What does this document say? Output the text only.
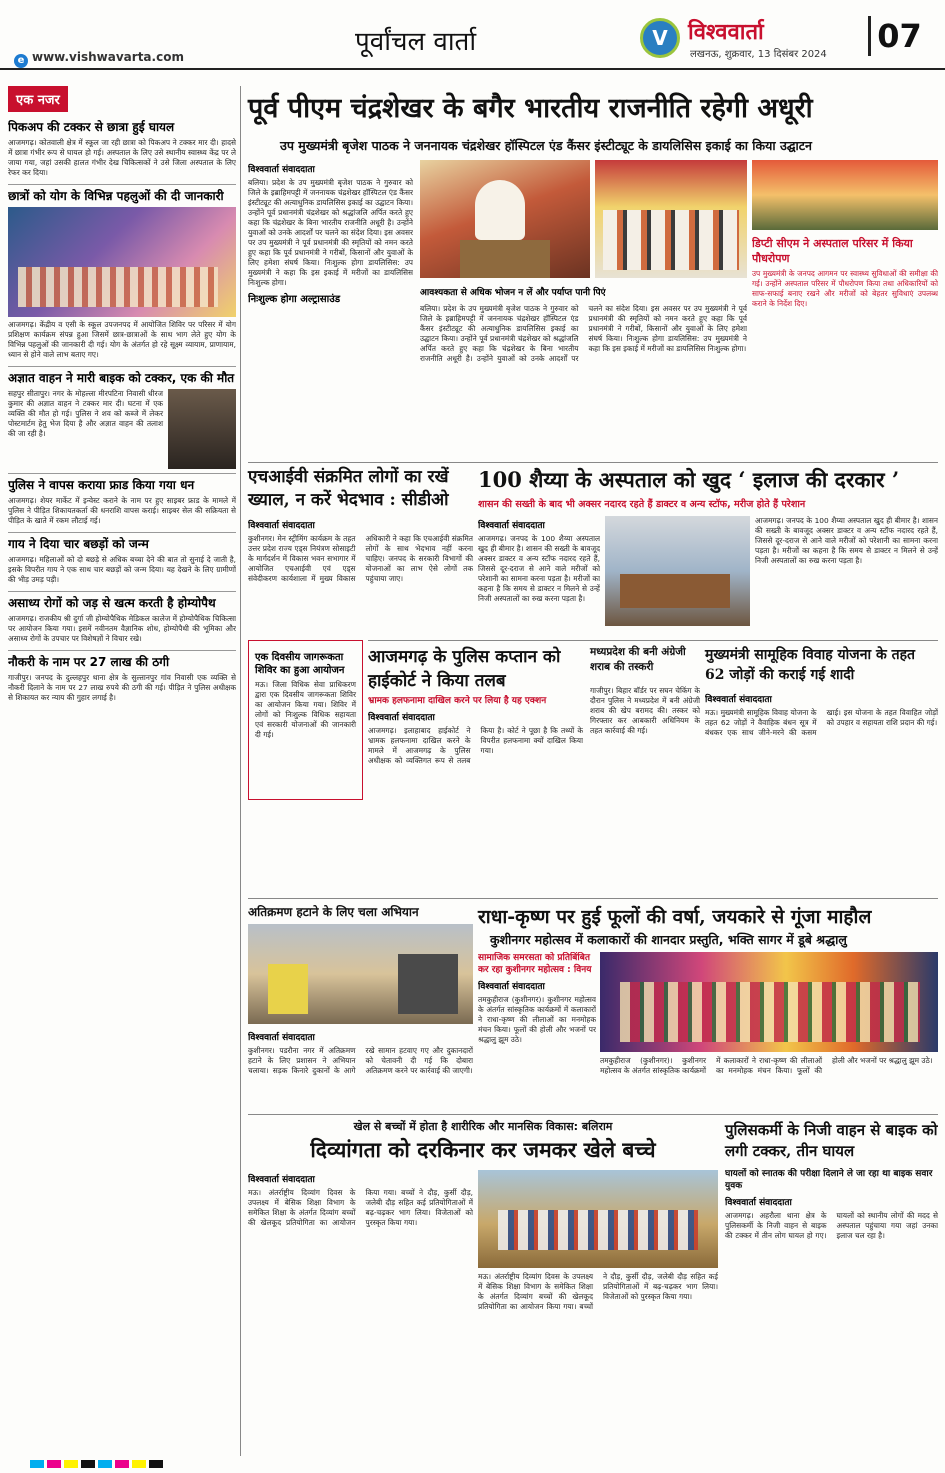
पूर्वांचल वार्ता	V विश्ववार्ता
लखनऊ, शुक्रवार, 13 दिसंबर 2024 07
e www.vishwavarta.com
एक नजर
पिकअप की टक्कर से छात्रा हुई घायल
आजमगढ़। कोतवाली क्षेत्र में स्कूल जा रही छात्रा को पिकअप ने टक्कर मार दी। हादसे में छात्रा गंभीर रूप से घायल हो गई। अस्पताल के लिए उसे स्थानीय स्वास्थ्य केंद्र पर ले जाया गया, जहां उसकी हालत गंभीर देख चिकित्सकों ने उसे जिला अस्पताल के लिए रेफर कर दिया।
छात्रों को योग के विभिन्न पहलुओं की दी जानकारी
आजमगढ़। केंद्रीय व एसी के स्कूल उपजनपद में आयोजित शिविर पर परिसर में योग प्रशिक्षण कार्यक्रम संपन्न हुआ जिसमें छात्र-छात्राओं के साथ भाग लेते हुए योग के विभिन्न पहलुओं की जानकारी दी गई। योग के अंतर्गत हो रहे सूक्ष्म व्यायाम, प्राणायाम, ध्यान से होने वाले लाभ बताए गए।
अज्ञात वाहन ने मारी बाइक को टक्कर, एक की मौत
सहपुर सीतापुर। नगर के मोहल्ला मीरपटिना निवासी धीरज कुमार की अज्ञात वाहन ने टक्कर मार दी। घटना में एक व्यक्ति की मौत हो गई। पुलिस ने शव को कब्जे में लेकर पोस्टमार्टम हेतु भेज दिया है और अज्ञात वाहन की तलाश की जा रही है।
पुलिस ने वापस कराया फ्राड किया गया धन
आजमगढ़। शेयर मार्केट में इन्वेस्ट कराने के नाम पर हुए साइबर फ्राड के मामले में पुलिस ने पीड़ित शिकायतकर्ता की धनराशि वापस कराई। साइबर सेल की सक्रियता से पीड़ित के खाते में रकम लौटाई गई।
गाय ने दिया चार बछड़ों को जन्म
आजमगढ़। महिलाओं को दो बछड़े से अधिक बच्चा देने की बात तो सुनाई दे जाती है, इसके विपरीत गाय ने एक साथ चार बछड़ों को जन्म दिया। यह देखने के लिए ग्रामीणों की भीड़ उमड़ पड़ी।
असाध्य रोगों को जड़ से खत्म करती है होम्योपैथ
आजमगढ़। राजकीय श्री दुर्गा जी होम्योपैथिक मेडिकल कालेज में होम्योपैथिक चिकित्सा पर आयोजन किया गया। इसमें नवीनतम वैज्ञानिक शोध, होम्योपैथी की भूमिका और असाध्य रोगों के उपचार पर विशेषज्ञों ने विचार रखे।
नौकरी के नाम पर 27 लाख की ठगी
गाजीपुर। जनपद के दुल्लहपुर थाना क्षेत्र के सुल्तानपुर गांव निवासी एक व्यक्ति से नौकरी दिलाने के नाम पर 27 लाख रुपये की ठगी की गई। पीड़ित ने पुलिस अधीक्षक से शिकायत कर न्याय की गुहार लगाई है।
पूर्व पीएम चंद्रशेखर के बगैर भारतीय राजनीति रहेगी अधूरी
उप मुख्यमंत्री बृजेश पाठक ने जननायक चंद्रशेखर हॉस्पिटल एंड कैंसर इंस्टीट्यूट के डायलिसिस इकाई का किया उद्घाटन
विश्ववार्ता संवाददाता
बलिया। प्रदेश के उप मुख्यमंत्री बृजेश पाठक ने गुरुवार को जिले के इब्राहिमपट्टी में जननायक चंद्रशेखर हॉस्पिटल एंड कैंसर इंस्टीट्यूट की अत्याधुनिक डायलिसिस इकाई का उद्घाटन किया। उन्होंने पूर्व प्रधानमंत्री चंद्रशेखर को श्रद्धांजलि अर्पित करते हुए कहा कि चंद्रशेखर के बिना भारतीय राजनीति अधूरी है। उन्होंने युवाओं को उनके आदर्शों पर चलने का संदेश दिया। इस अवसर पर उप मुख्यमंत्री ने पूर्व प्रधानमंत्री की स्मृतियों को नमन करते हुए कहा कि पूर्व प्रधानमंत्री ने गरीबों, किसानों और युवाओं के लिए हमेशा संघर्ष किया। निःशुल्क होगा डायलिसिस: उप मुख्यमंत्री ने कहा कि इस इकाई में मरीजों का डायलिसिस निःशुल्क होगा।
निःशुल्क होगा अल्ट्रासाउंड
आवश्यकता से अधिक भोजन न लें और पर्याप्त पानी पिएं
बलिया। प्रदेश के उप मुख्यमंत्री बृजेश पाठक ने गुरुवार को जिले के इब्राहिमपट्टी में जननायक चंद्रशेखर हॉस्पिटल एंड कैंसर इंस्टीट्यूट की अत्याधुनिक डायलिसिस इकाई का उद्घाटन किया। उन्होंने पूर्व प्रधानमंत्री चंद्रशेखर को श्रद्धांजलि अर्पित करते हुए कहा कि चंद्रशेखर के बिना भारतीय राजनीति अधूरी है। उन्होंने युवाओं को उनके आदर्शों पर चलने का संदेश दिया। इस अवसर पर उप मुख्यमंत्री ने पूर्व प्रधानमंत्री की स्मृतियों को नमन करते हुए कहा कि पूर्व प्रधानमंत्री ने गरीबों, किसानों और युवाओं के लिए हमेशा संघर्ष किया। निःशुल्क होगा डायलिसिस: उप मुख्यमंत्री ने कहा कि इस इकाई में मरीजों का डायलिसिस निःशुल्क होगा।
डिप्टी सीएम ने अस्पताल परिसर में किया पौधरोपण
उप मुख्यमंत्री के जनपद आगमन पर स्वास्थ्य सुविधाओं की समीक्षा की गई। उन्होंने अस्पताल परिसर में पौधरोपण किया तथा अधिकारियों को साफ-सफाई बनाए रखने और मरीजों को बेहतर सुविधाएं उपलब्ध कराने के निर्देश दिए।
एचआईवी संक्रमित लोगों का रखें ख्याल, न करें भेदभाव : सीडीओ
विश्ववार्ता संवाददाता
कुशीनगर। मेन स्ट्रीमिंग कार्यक्रम के तहत उत्तर प्रदेश राज्य एड्स नियंत्रण सोसाइटी के मार्गदर्शन में विकास भवन सभागार में आयोजित एचआईवी एवं एड्स संवेदीकरण कार्यशाला में मुख्य विकास अधिकारी ने कहा कि एचआईवी संक्रमित लोगों के साथ भेदभाव नहीं करना चाहिए। जनपद के सरकारी विभागों की योजनाओं का लाभ ऐसे लोगों तक पहुंचाया जाए।
एक दिवसीय जागरूकता शिविर का हुआ आयोजन
मऊ। जिला विधिक सेवा प्राधिकरण द्वारा एक दिवसीय जागरूकता शिविर का आयोजन किया गया। शिविर में लोगों को निःशुल्क विधिक सहायता एवं सरकारी योजनाओं की जानकारी दी गई।
100 शैय्या के अस्पताल को खुद ‘ इलाज की दरकार ’
शासन की सख्ती के बाद भी अक्सर नदारद रहते हैं डाक्टर व अन्य स्टॉफ, मरीज होते हैं परेशान
विश्ववार्ता संवाददाता
आजमगढ़। जनपद के 100 शैय्या अस्पताल खुद ही बीमार है। शासन की सख्ती के बावजूद अक्सर डाक्टर व अन्य स्टॉफ नदारद रहते हैं, जिससे दूर-दराज से आने वाले मरीजों को परेशानी का सामना करना पड़ता है। मरीजों का कहना है कि समय से डाक्टर न मिलने से उन्हें निजी अस्पतालों का रुख करना पड़ता है।
आजमगढ़। जनपद के 100 शैय्या अस्पताल खुद ही बीमार है। शासन की सख्ती के बावजूद अक्सर डाक्टर व अन्य स्टॉफ नदारद रहते हैं, जिससे दूर-दराज से आने वाले मरीजों को परेशानी का सामना करना पड़ता है। मरीजों का कहना है कि समय से डाक्टर न मिलने से उन्हें निजी अस्पतालों का रुख करना पड़ता है।
आजमगढ़ के पुलिस कप्तान को हाईकोर्ट ने किया तलब
भ्रामक हलफनामा दाखिल करने पर लिया है यह एक्शन
विश्ववार्ता संवाददाता
आजमगढ़। इलाहाबाद हाईकोर्ट ने भ्रामक हलफनामा दाखिल करने के मामले में आजमगढ़ के पुलिस अधीक्षक को व्यक्तिगत रूप से तलब किया है। कोर्ट ने पूछा है कि तथ्यों के विपरीत हलफनामा क्यों दाखिल किया गया।
मध्यप्रदेश की बनी अंग्रेजी शराब की तस्करी
गाजीपुर। बिहार बॉर्डर पर सघन चेकिंग के दौरान पुलिस ने मध्यप्रदेश में बनी अंग्रेजी शराब की खेप बरामद की। तस्कर को गिरफ्तार कर आबकारी अधिनियम के तहत कार्रवाई की गई।
मुख्यमंत्री सामूहिक विवाह योजना के तहत 62 जोड़ों की कराई गई शादी
विश्ववार्ता संवाददाता
मऊ। मुख्यमंत्री सामूहिक विवाह योजना के तहत 62 जोड़ों ने वैवाहिक बंधन सूत्र में बंधकर एक साथ जीने-मरने की कसम खाई। इस योजना के तहत विवाहित जोड़ों को उपहार व सहायता राशि प्रदान की गई।
अतिक्रमण हटाने के लिए चला अभियान
विश्ववार्ता संवाददाता
कुशीनगर। पडरौना नगर में अतिक्रमण हटाने के लिए प्रशासन ने अभियान चलाया। सड़क किनारे दुकानों के आगे रखे सामान हटवाए गए और दुकानदारों को चेतावनी दी गई कि दोबारा अतिक्रमण करने पर कार्रवाई की जाएगी।
राधा-कृष्ण पर हुई फूलों की वर्षा, जयकारे से गूंजा माहौल
कुशीनगर महोत्सव में कलाकारों की शानदार प्रस्तुति, भक्ति सागर में डूबे श्रद्धालु
सामाजिक समरसता को प्रतिबिंबित कर रहा कुशीनगर महोत्सव : विनय
विश्ववार्ता संवाददाता
तमकुहीराज (कुशीनगर)। कुशीनगर महोत्सव के अंतर्गत सांस्कृतिक कार्यक्रमों में कलाकारों ने राधा-कृष्ण की लीलाओं का मनमोहक मंचन किया। फूलों की होली और भजनों पर श्रद्धालु झूम उठे।
तमकुहीराज (कुशीनगर)। कुशीनगर महोत्सव के अंतर्गत सांस्कृतिक कार्यक्रमों में कलाकारों ने राधा-कृष्ण की लीलाओं का मनमोहक मंचन किया। फूलों की होली और भजनों पर श्रद्धालु झूम उठे।
खेल से बच्चों में होता है शारीरिक और मानसिक विकास: बलिराम
दिव्यांगता को दरकिनार कर जमकर खेले बच्चे
विश्ववार्ता संवाददाता
मऊ। अंतर्राष्ट्रीय दिव्यांग दिवस के उपलक्ष्य में बेसिक शिक्षा विभाग के समेकित शिक्षा के अंतर्गत दिव्यांग बच्चों की खेलकूद प्रतियोगिता का आयोजन किया गया। बच्चों ने दौड़, कुर्सी दौड़, जलेबी दौड़ सहित कई प्रतियोगिताओं में बढ़-चढ़कर भाग लिया। विजेताओं को पुरस्कृत किया गया।
मऊ। अंतर्राष्ट्रीय दिव्यांग दिवस के उपलक्ष्य में बेसिक शिक्षा विभाग के समेकित शिक्षा के अंतर्गत दिव्यांग बच्चों की खेलकूद प्रतियोगिता का आयोजन किया गया। बच्चों ने दौड़, कुर्सी दौड़, जलेबी दौड़ सहित कई प्रतियोगिताओं में बढ़-चढ़कर भाग लिया। विजेताओं को पुरस्कृत किया गया।
पुलिसकर्मी के निजी वाहन से बाइक को लगी टक्कर, तीन घायल
घायलों को स्नातक की परीक्षा दिलाने ले जा रहा था बाइक सवार युवक
विश्ववार्ता संवाददाता
आजमगढ़। अहरौला थाना क्षेत्र के पुलिसकर्मी के निजी वाहन से बाइक की टक्कर में तीन लोग घायल हो गए। घायलों को स्थानीय लोगों की मदद से अस्पताल पहुंचाया गया जहां उनका इलाज चल रहा है।
